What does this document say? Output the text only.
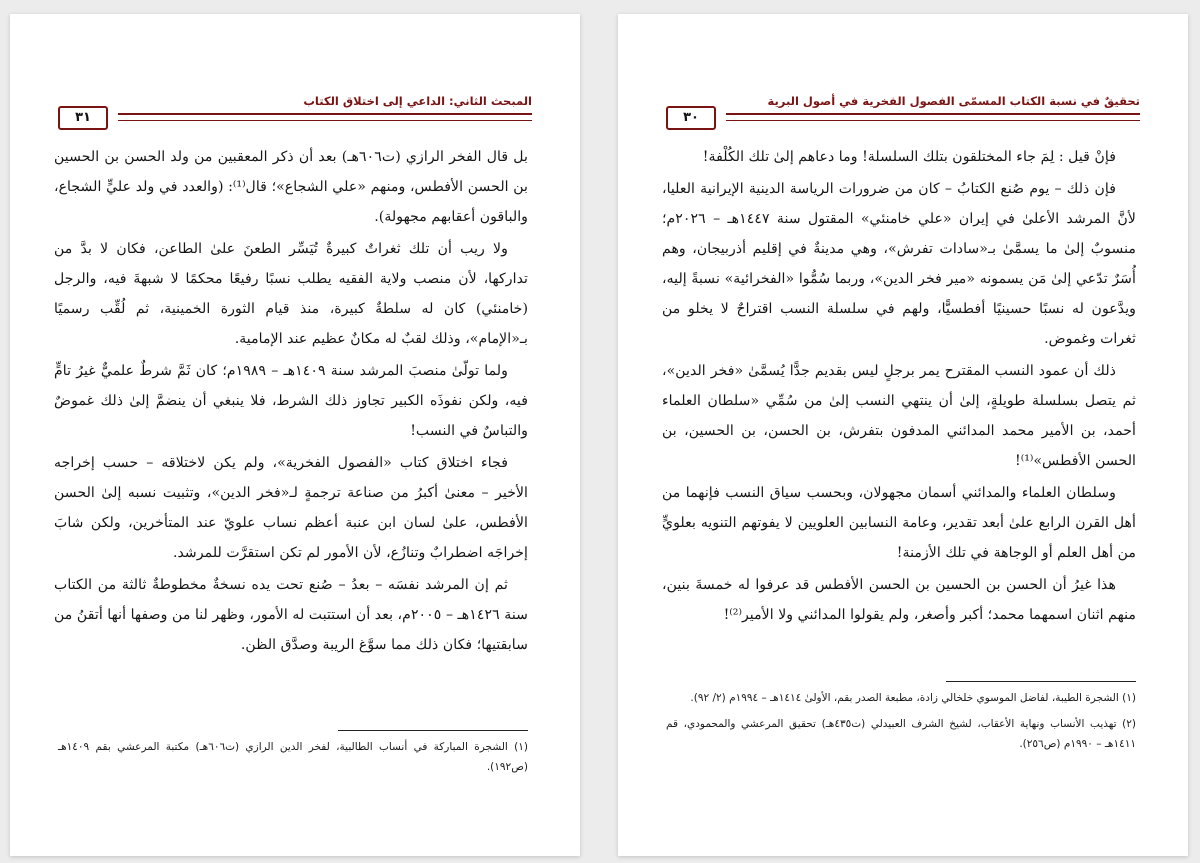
المبحث الثاني: الداعي إلى اختلاق الكتاب
٣١

بل قال الفخر الرازي (ت٦٠٦هـ) بعد أن ذكر المعقبين من ولد الحسن بن الحسين بن الحسن الأفطس، ومنهم «علي الشجاع»؛ قال⁽¹⁾: (والعدد في ولد عليٍّ الشجاع، والباقون أعقابهم مجهولة).

ولا ريب أن تلك ثغراتٌ كبيرةٌ تُيَسِّر الطعنَ علىٰ الطاعن، فكان لا بدَّ من تداركها، لأن منصب ولاية الفقيه يطلب نسبًا رفيعًا محكمًا لا شبهةَ فيه، والرجل (خامنئي) كان له سلطةٌ كبيرة، منذ قيام الثورة الخمينية، ثم لُقِّب رسميًا بـ«الإمام»، وذلك لقبٌ له مكانٌ عظيم عند الإمامية.

ولما تولّىٰ منصبَ المرشد سنة ١٤٠٩هـ – ١٩٨٩م؛ كان ثَمَّ شرطٌ علميٌّ غيرُ تامٍّ فيه، ولكن نفوذَه الكبير تجاوز ذلك الشرط، فلا ينبغي أن ينضمَّ إلىٰ ذلك غموضٌ والتباسٌ في النسب!

فجاء اختلاق كتاب «الفصول الفخرية»، ولم يكن لاختلاقه – حسب إخراجه الأخير – معنىٰ أكبرُ من صناعة ترجمةٍ لـ«فخر الدين»، وتثبيت نسبه إلىٰ الحسن الأفطس، علىٰ لسان ابن عنبة أعظم نساب علويّ عند المتأخرين، ولكن شابَ إخراجَه اضطرابٌ وتنازُع، لأن الأمور لم تكن استقرَّت للمرشد.

ثم إن المرشد نفسَه – بعدُ – صُنع تحت يده نسخةٌ مخطوطةٌ ثالثة من الكتاب سنة ١٤٢٦هـ – ٢٠٠٥م، بعد أن استتبت له الأمور، وظهر لنا من وصفها أنها أتقنُ من سابقتيها؛ فكان ذلك مما سوَّغ الريبة وصدَّق الظن.

(١) الشجرة المباركة في أنساب الطالبية، لفخر الدين الرازي (ت٦٠٦هـ) مكتبة المرعشي بقم ١٤٠٩هـ (ص١٩٢).

تحقيقٌ في نسبة الكتاب المسمّى الفصول الفخرية في أصول البرية
٣٠

فإنْ قيل : لِمَ جاء المختلقون بتلك السلسلة! وما دعاهم إلىٰ تلك الكُلْفة!

فإن ذلك – يوم صُنع الكتابُ – كان من ضرورات الرياسة الدينية الإيرانية العليا، لأنَّ المرشد الأعلىٰ في إيران «علي خامنئي» المقتول سنة ١٤٤٧هـ – ٢٠٢٦م؛ منسوبٌ إلىٰ ما يسمَّىٰ بـ«سادات تفرش»، وهي مدينةٌ في إقليم أذربيجان، وهم أُسَرٌ تدّعي إلىٰ مَن يسمونه «مير فخر الدين»، وربما سُمُّوا «الفخرائية» نسبةً إليه، ويدَّعون له نسبًا حسينيًا أفطسيًّا، ولهم في سلسلة النسب اقتراحٌ لا يخلو من ثغرات وغموض.

ذلك أن عمود النسب المقترح يمر برجلٍ ليس بقديم جدًّا يُسمَّىٰ «فخر الدين»، ثم يتصل بسلسلة طويلةٍ، إلىٰ أن ينتهي النسب إلىٰ من سُمِّي «سلطان العلماء أحمد، بن الأمير محمد المدائني المدفون بتفرش، بن الحسن، بن الحسين، بن الحسن الأفطس»⁽¹⁾!

وسلطان العلماء والمدائني أسمان مجهولان، وبحسب سياق النسب فإنهما من أهل القرن الرابع علىٰ أبعد تقدير، وعامة النسابين العلويين لا يفوتهم التنويه بعلويٍّ من أهل العلم أو الوجاهة في تلك الأزمنة!

هذا غيرُ أن الحسن بن الحسين بن الحسن الأفطس قد عرفوا له خمسةَ بنين، منهم اثنان اسمهما محمد؛ أكبر وأصغر، ولم يقولوا المدائني ولا الأمير⁽²⁾!

(١) الشجرة الطيبة، لفاضل الموسوي خلخالي زادة، مطبعة الصدر بقم، الأولىٰ ١٤١٤هـ – ١٩٩٤م (٢/ ٩٢).

(٢) تهذيب الأنساب ونهاية الأعقاب، لشيخ الشرف العبيدلي (ت٤٣٥هـ) تحقيق المرعشي والمحمودي، قم ١٤١١هـ – ١٩٩٠م (ص٢٥٦).
